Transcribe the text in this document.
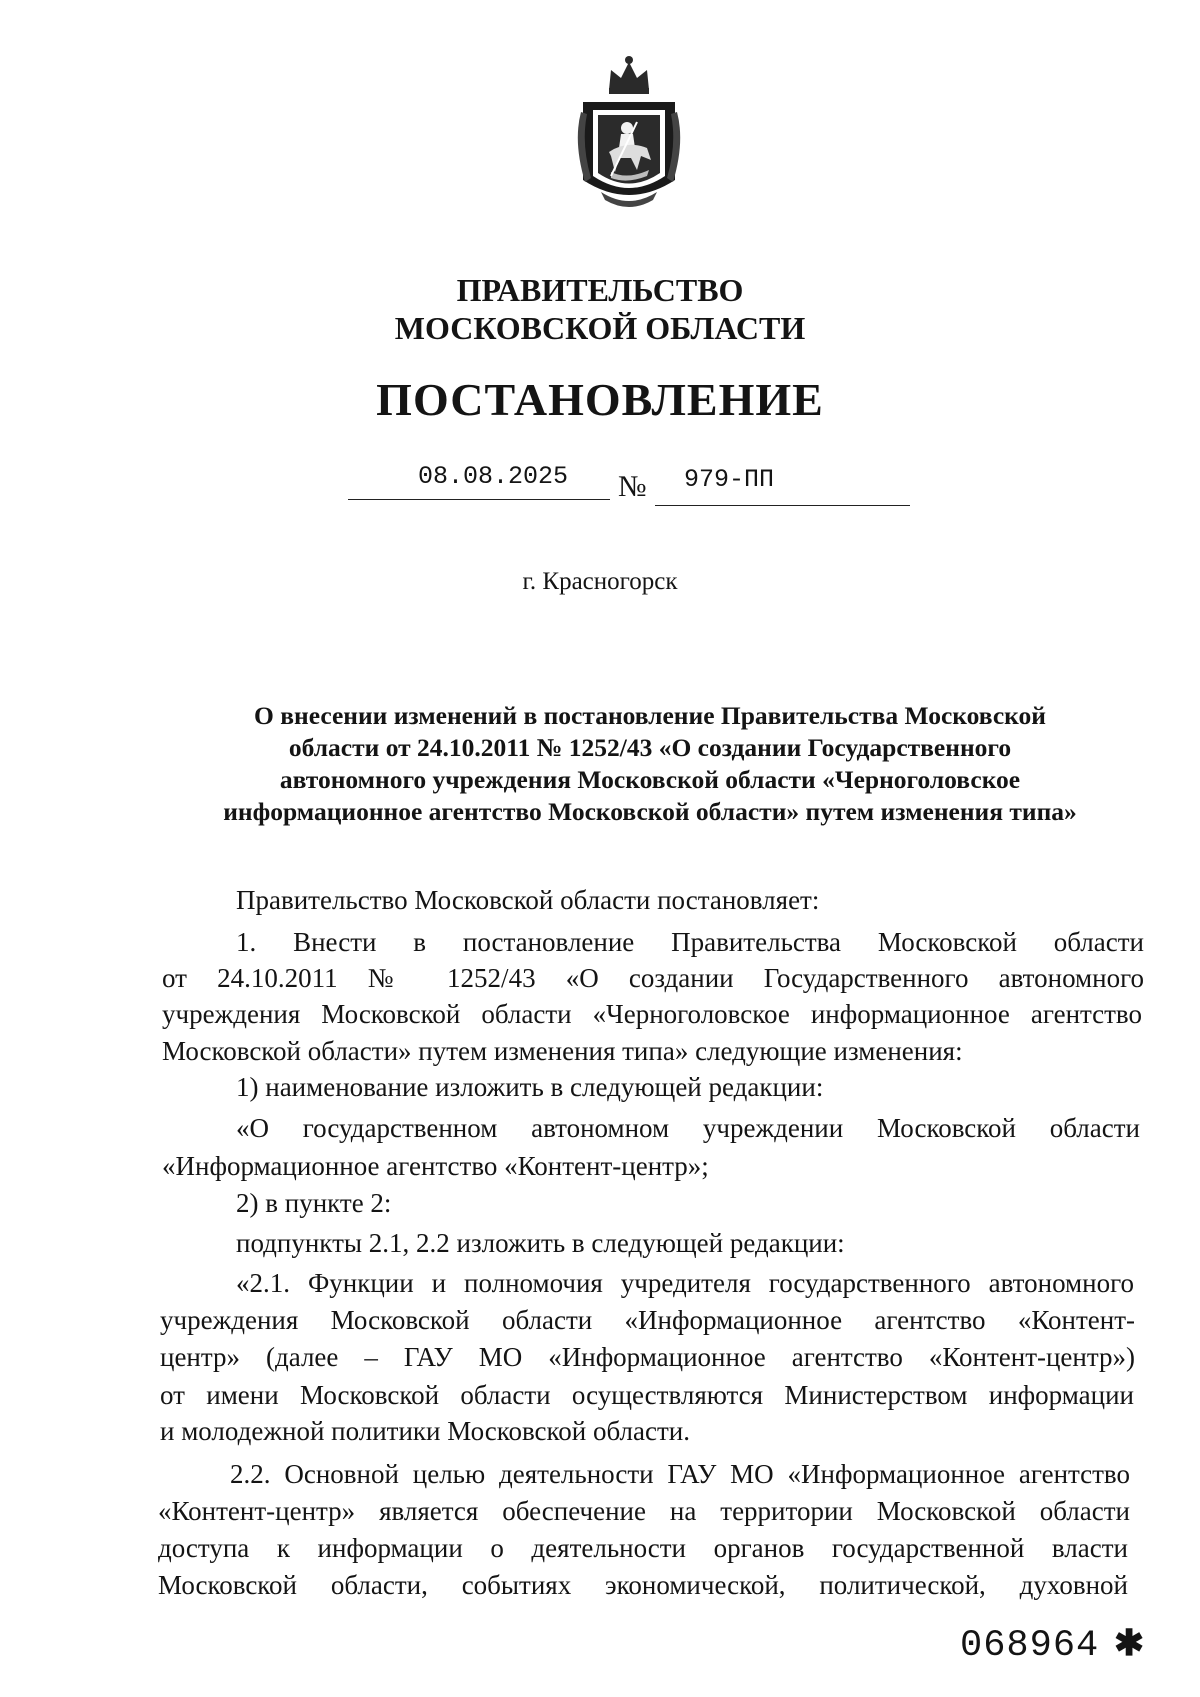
ПРАВИТЕЛЬСТВО
МОСКОВСКОЙ ОБЛАСТИ
ПОСТАНОВЛЕНИЕ
08.08.2025 № 979-ПП
г. Красногорск
О внесении изменений в постановление Правительства Московской
области от 24.10.2011 № 1252/43 «О создании Государственного
автономного учреждения Московской области «Черноголовское
информационное агентство Московской области» путем изменения типа»
Правительство Московской области постановляет:
1. Внести в постановление Правительства Московской области
от 24.10.2011 № 1252/43 «О создании Государственного автономного
учреждения Московской области «Черноголовское информационное агентство
Московской области» путем изменения типа» следующие изменения:
1) наименование изложить в следующей редакции:
«О государственном автономном учреждении Московской области
«Информационное агентство «Контент-центр»;
2) в пункте 2:
подпункты 2.1, 2.2 изложить в следующей редакции:
«2.1. Функции и полномочия учредителя государственного автономного
учреждения Московской области «Информационное агентство «Контент-
центр» (далее – ГАУ МО «Информационное агентство «Контент-центр»)
от имени Московской области осуществляются Министерством информации
и молодежной политики Московской области.
2.2. Основной целью деятельности ГАУ МО «Информационное агентство
«Контент-центр» является обеспечение на территории Московской области
доступа к информации о деятельности органов государственной власти
Московской области, событиях экономической, политической, духовной
068964 ✱
